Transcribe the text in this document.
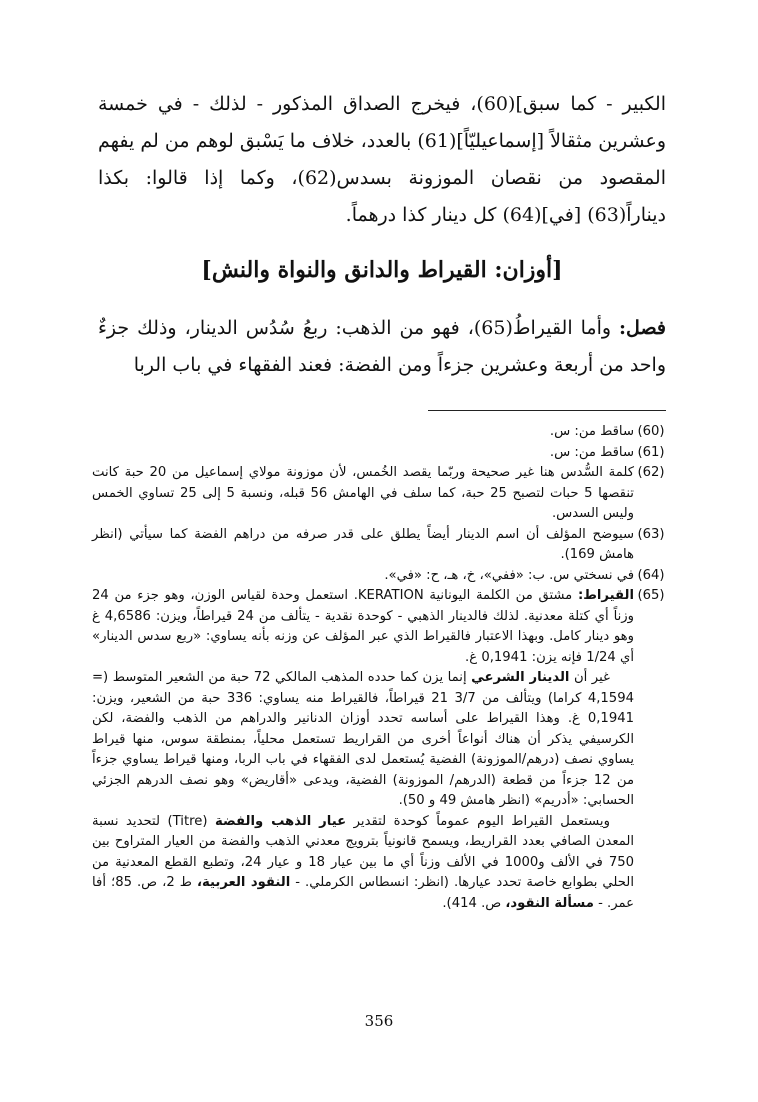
الكبير - كما سبق](60)، فيخرج الصداق المذكور - لذلك - في خمسة وعشرين مثقالاً [إسماعيليّاً](61) بالعدد، خلاف ما يَسْبق لوهم من لم يفهم المقصود من نقصان الموزونة بسدس(62)، وكما إذا قالوا: بكذا ديناراً(63) [في](64) كل دينار كذا درهماً.

[أوزان: القيراط والدانق والنواة والنش]
فصل: وأما القيراطُ(65)، فهو من الذهب: ربعُ سُدُس الدينار، وذلك جزءٌ واحد من أربعة وعشرين جزءاً ومن الفضة: فعند الفقهاء في باب الربا
(60)
ساقط من: س.
(61)
ساقط من: س.
(62)
كلمة السُّدس هنا غير صحيحة وربّما يقصد الخُمس، لأن موزونة مولاي إسماعيل من 20 حبة كانت تنقصها 5 حبات لتصبح 25 حبة، كما سلف في الهامش 56 قبله، ونسبة 5 إلى 25 تساوي الخمس وليس السدس.
(63)
سيوضح المؤلف أن اسم الدينار أيضاً يطلق على قدر صرفه من دراهم الفضة كما سيأتي (انظر هامش 169).
(64)
في نسختي س. ب: «ففي»، خ، هـ، ح: «في».
(65)
القيراط: مشتق من الكلمة اليونانية KERATION. استعمل وحدة لقياس الوزن، وهو جزء من 24 وزناً أي كتلة معدنية. لذلك فالدينار الذهبي - كوحدة نقدية - يتألف من 24 قيراطاً، ويزن: 4,6586 غ وهو دينار كامل. وبهذا الاعتبار فالقيراط الذي عبر المؤلف عن وزنه بأنه يساوي: «ربع سدس الدينار» أي 1/24 فإنه يزن: 0,1941 غ.
غير أن الدينار الشرعي إنما يزن كما حدده المذهب المالكي 72 حبة من الشعير المتوسط (= 4,1594 كراما) ويتألف من 3/7 21 قيراطاً، فالقيراط منه يساوي: 336 حبة من الشعير، ويزن: 0,1941 غ. وهذا القيراط على أساسه تحدد أوزان الدنانير والدراهم من الذهب والفضة، لكن الكرسيفي يذكر أن هناك أنواعاً أخرى من القراريط تستعمل محلياً، بمنطقة سوس، منها قيراط يساوي نصف (درهم/الموزونة) الفضية يُستعمل لدى الفقهاء في باب الربا، ومنها قيراط يساوي جزءاً من 12 جزءاً من قطعة (الدرهم/ الموزونة) الفضية، ويدعى «أقاريض» وهو نصف الدرهم الجزئي الحسابي: «أدريم» (انظر هامش 49 و 50).
ويستعمل القيراط اليوم عموماً كوحدة لتقدير عيار الذهب والفضة (Titre) لتحديد نسبة المعدن الصافي بعدد القراريط، ويسمح قانونياً بترويج معدني الذهب والفضة من العيار المتراوح بين 750 في الألف و1000 في الألف وزناً أي ما بين عيار 18 و عيار 24، وتطبع القطع المعدنية من الحلي بطوابع خاصة تحدد عيارها. (انظر: انسطاس الكرملي. - النقود العربية، ط 2، ص. 85؛ أفا عمر. - مسألة النقود، ص. 414).
356
